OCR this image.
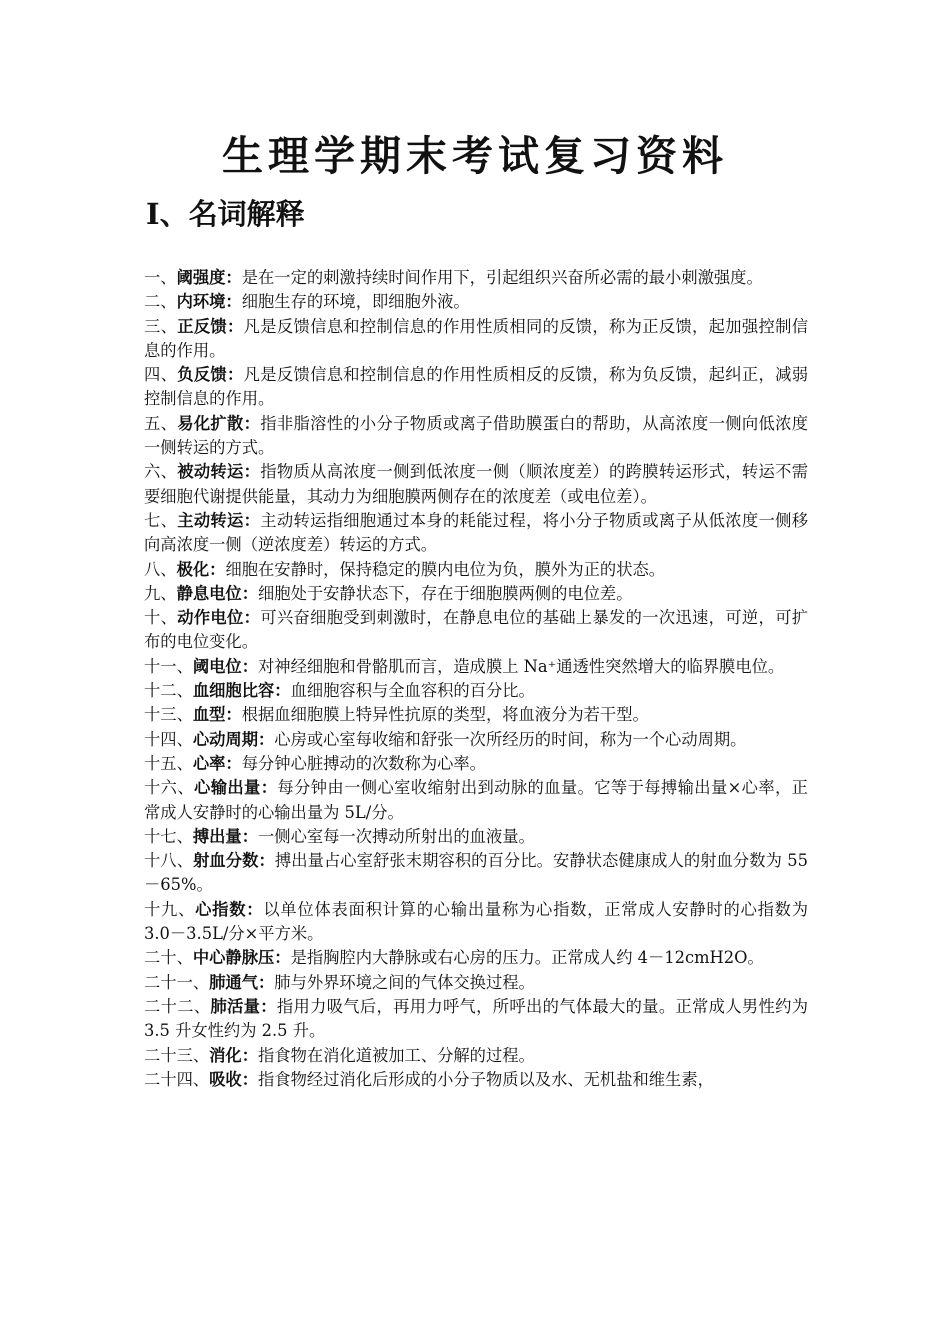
生理学期末考试复习资料
Ⅰ、名词解释
一、阈强度：是在一定的刺激持续时间作用下，引起组织兴奋所必需的最小刺激强度。
二、内环境：细胞生存的环境，即细胞外液。
三、正反馈：凡是反馈信息和控制信息的作用性质相同的反馈，称为正反馈，起加强控制信息的作用。
四、负反馈：凡是反馈信息和控制信息的作用性质相反的反馈，称为负反馈，起纠正，减弱控制信息的作用。
五、易化扩散：指非脂溶性的小分子物质或离子借助膜蛋白的帮助，从高浓度一侧向低浓度一侧转运的方式。
六、被动转运：指物质从高浓度一侧到低浓度一侧（顺浓度差）的跨膜转运形式，转运不需要细胞代谢提供能量，其动力为细胞膜两侧存在的浓度差（或电位差）。
七、主动转运：主动转运指细胞通过本身的耗能过程，将小分子物质或离子从低浓度一侧移向高浓度一侧（逆浓度差）转运的方式。
八、极化：细胞在安静时，保持稳定的膜内电位为负，膜外为正的状态。
九、静息电位：细胞处于安静状态下，存在于细胞膜两侧的电位差。
十、动作电位：可兴奋细胞受到刺激时，在静息电位的基础上暴发的一次迅速，可逆，可扩布的电位变化。
十一、阈电位：对神经细胞和骨骼肌而言，造成膜上 Na⁺通透性突然增大的临界膜电位。
十二、血细胞比容：血细胞容积与全血容积的百分比。
十三、血型：根据血细胞膜上特异性抗原的类型，将血液分为若干型。
十四、心动周期：心房或心室每收缩和舒张一次所经历的时间，称为一个心动周期。
十五、心率：每分钟心脏搏动的次数称为心率。
十六、心输出量：每分钟由一侧心室收缩射出到动脉的血量。它等于每搏输出量×心率，正常成人安静时的心输出量为 5L/分。
十七、搏出量：一侧心室每一次搏动所射出的血液量。
十八、射血分数：搏出量占心室舒张末期容积的百分比。安静状态健康成人的射血分数为 55－65%。
十九、心指数：以单位体表面积计算的心输出量称为心指数，正常成人安静时的心指数为 3.0－3.5L/分×平方米。
二十、中心静脉压：是指胸腔内大静脉或右心房的压力。正常成人约 4－12cmH2O。
二十一、肺通气：肺与外界环境之间的气体交换过程。
二十二、肺活量：指用力吸气后，再用力呼气，所呼出的气体最大的量。正常成人男性约为 3.5 升女性约为 2.5 升。
二十三、消化：指食物在消化道被加工、分解的过程。
二十四、吸收：指食物经过消化后形成的小分子物质以及水、无机盐和维生素，
